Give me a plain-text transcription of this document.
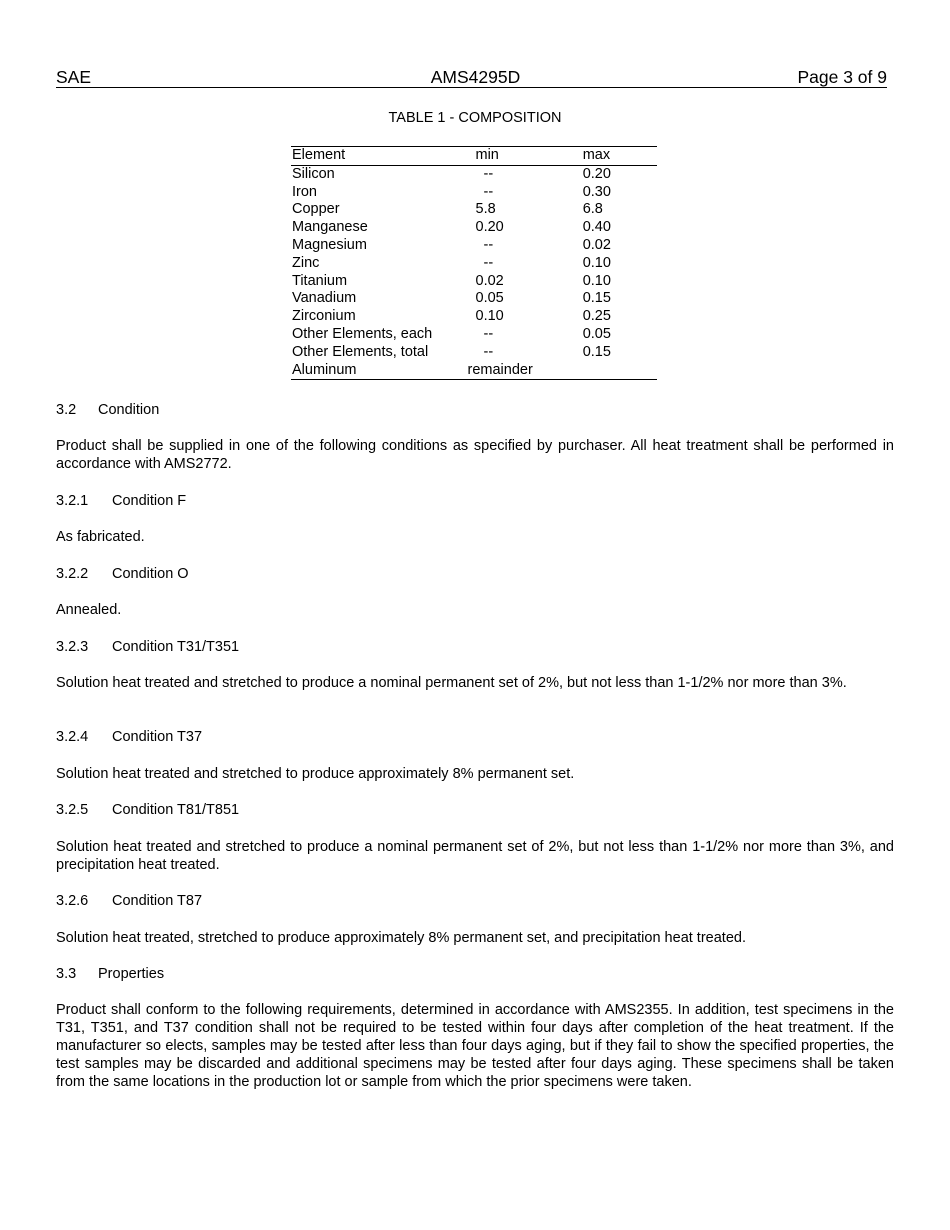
SAE	AMS4295D	Page 3 of 9
TABLE 1 - COMPOSITION
Element	min	max
Silicon	--	0.20
Iron	--	0.30
Copper	5.8	6.8
Manganese	0.20	0.40
Magnesium	--	0.02
Zinc	--	0.10
Titanium	0.02	0.10
Vanadium	0.05	0.15
Zirconium	0.10	0.25
Other Elements, each	--	0.05
Other Elements, total	--	0.15
Aluminum	remainder	
3.2 Condition
Product shall be supplied in one of the following conditions as specified by purchaser. All heat treatment shall be performed in accordance with AMS2772.
3.2.1 Condition F
As fabricated.
3.2.2 Condition O
Annealed.
3.2.3 Condition T31/T351
Solution heat treated and stretched to produce a nominal permanent set of 2%, but not less than 1-1/2% nor more than 3%.
3.2.4 Condition T37
Solution heat treated and stretched to produce approximately 8% permanent set.
3.2.5 Condition T81/T851
Solution heat treated and stretched to produce a nominal permanent set of 2%, but not less than 1-1/2% nor more than 3%, and precipitation heat treated.
3.2.6 Condition T87
Solution heat treated, stretched to produce approximately 8% permanent set, and precipitation heat treated.
3.3 Properties
Product shall conform to the following requirements, determined in accordance with AMS2355. In addition, test specimens in the T31, T351, and T37 condition shall not be required to be tested within four days after completion of the heat treatment. If the manufacturer so elects, samples may be tested after less than four days aging, but if they fail to show the specified properties, the test samples may be discarded and additional specimens may be tested after four days aging. These specimens shall be taken from the same locations in the production lot or sample from which the prior specimens were taken.
